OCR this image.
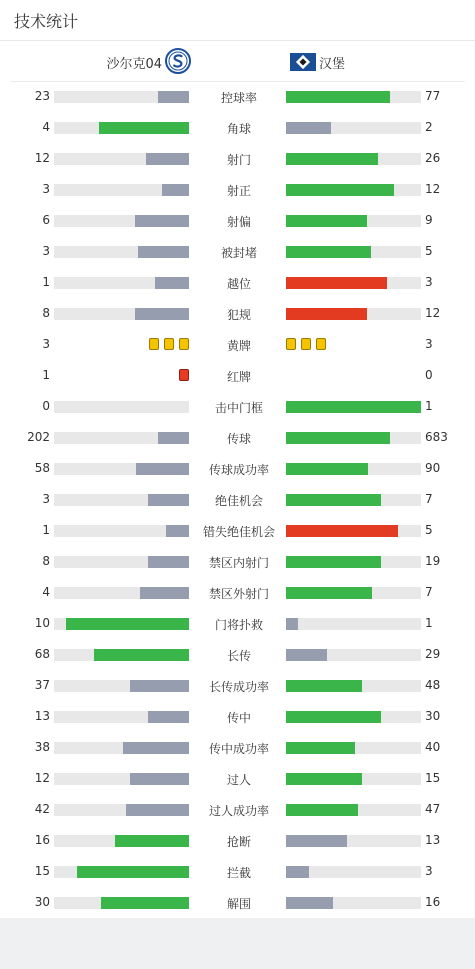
技术统计
沙尔克04	汉堡
23	控球率	77
4	角球	2
12	射门	26
3	射正	12
6	射偏	9
3	被封堵	5
1	越位	3
8	犯规	12
3	黄牌	3
1	红牌	0
0	击中门框	1
202	传球	683
58	传球成功率	90
3	绝佳机会	7
1	错失绝佳机会	5
8	禁区内射门	19
4	禁区外射门	7
10	门将扑救	1
68	长传	29
37	长传成功率	48
13	传中	30
38	传中成功率	40
12	过人	15
42	过人成功率	47
16	抢断	13
15	拦截	3
30	解围	16
